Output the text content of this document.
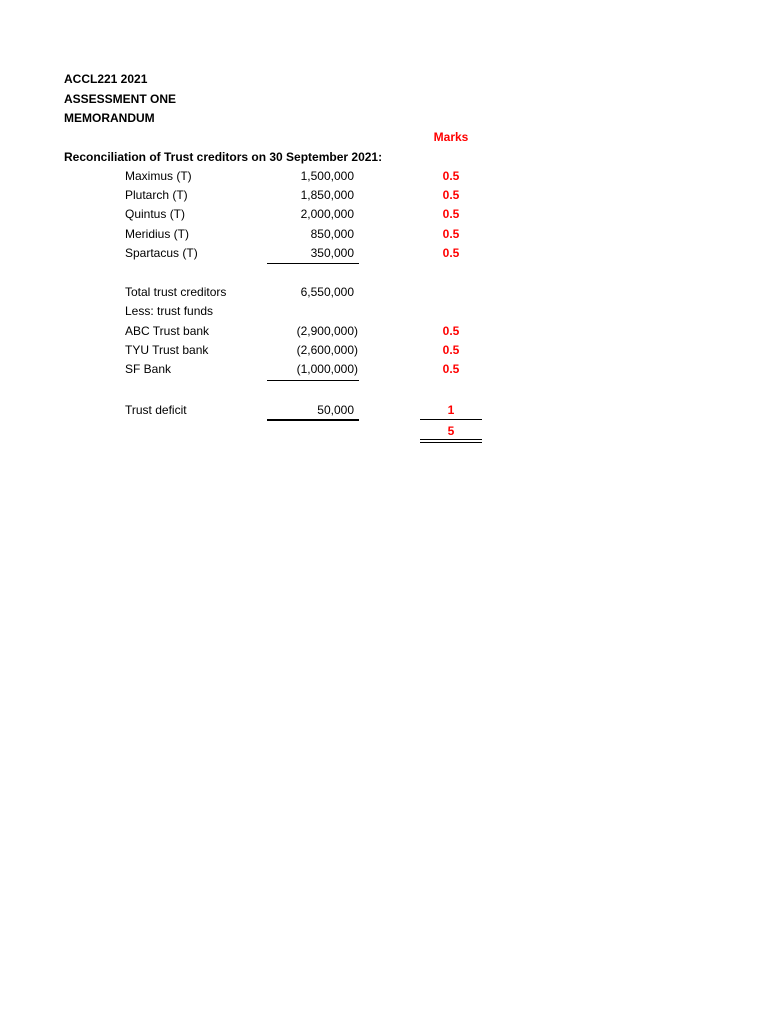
ACCL221 2021
ASSESSMENT ONE
MEMORANDUM
Marks
Reconciliation of Trust creditors on 30 September 2021:
Maximus (T)	1,500,000	0.5
Plutarch (T)	1,850,000	0.5
Quintus (T)	2,000,000	0.5
Meridius (T)	850,000	0.5
Spartacus (T)	350,000	0.5
Total trust creditors	6,550,000
Less: trust funds
ABC Trust bank	(2,900,000)	0.5
TYU Trust bank	(2,600,000)	0.5
SF Bank	(1,000,000)	0.5
Trust deficit	50,000	1
5
